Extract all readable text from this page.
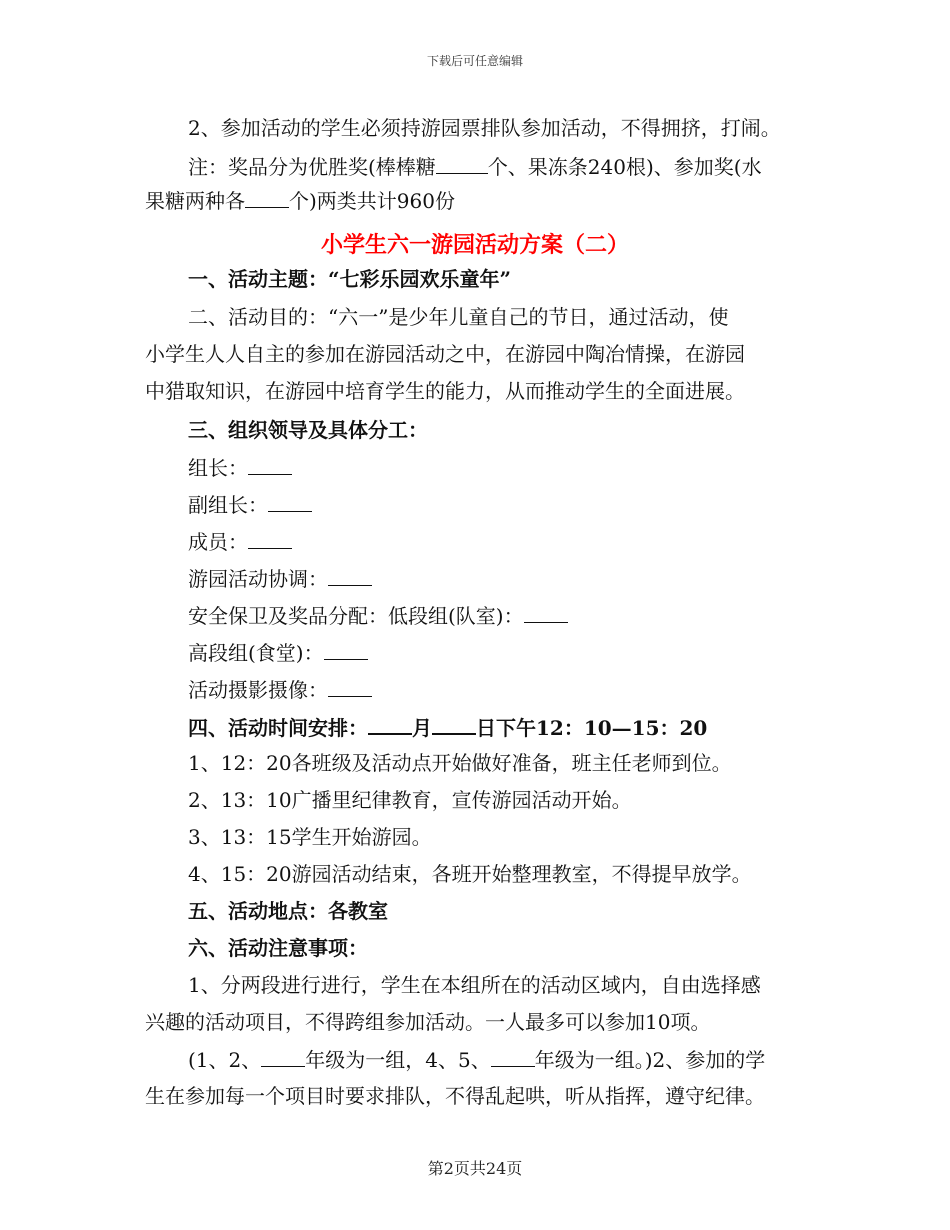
下载后可任意编辑
2、参加活动的学生必须持游园票排队参加活动，不得拥挤，打闹。
注：奖品分为优胜奖(棒棒糖	个、果冻条240根)、参加奖(水
果糖两种各 个)两类共计960份
小学生六一游园活动方案（二）
一、活动主题：“七彩乐园欢乐童年”
二、活动目的：“六一”是少年儿童自己的节日，通过活动，使
小学生人人自主的参加在游园活动之中，在游园中陶冶情操，在游园
中猎取知识，在游园中培育学生的能力，从而推动学生的全面进展。
三、组织领导及具体分工：
组长：
副组长：
成员：
游园活动协调：
安全保卫及奖品分配：低段组(队室)：
高段组(食堂)：
活动摄影摄像：
四、活动时间安排： 月 日下午12：10—15：20
1、12：20各班级及活动点开始做好准备，班主任老师到位。
2、13：10广播里纪律教育，宣传游园活动开始。
3、13：15学生开始游园。
4、15：20游园活动结束，各班开始整理教室，不得提早放学。
五、活动地点：各教室
六、活动注意事项：
1、分两段进行进行，学生在本组所在的活动区域内，自由选择感
兴趣的活动项目，不得跨组参加活动。一人最多可以参加10项。
(1、2、 年级为一组，4、5、 年级为一组。)2、参加的学
生在参加每一个项目时要求排队，不得乱起哄，听从指挥，遵守纪律。
第2页共24页
